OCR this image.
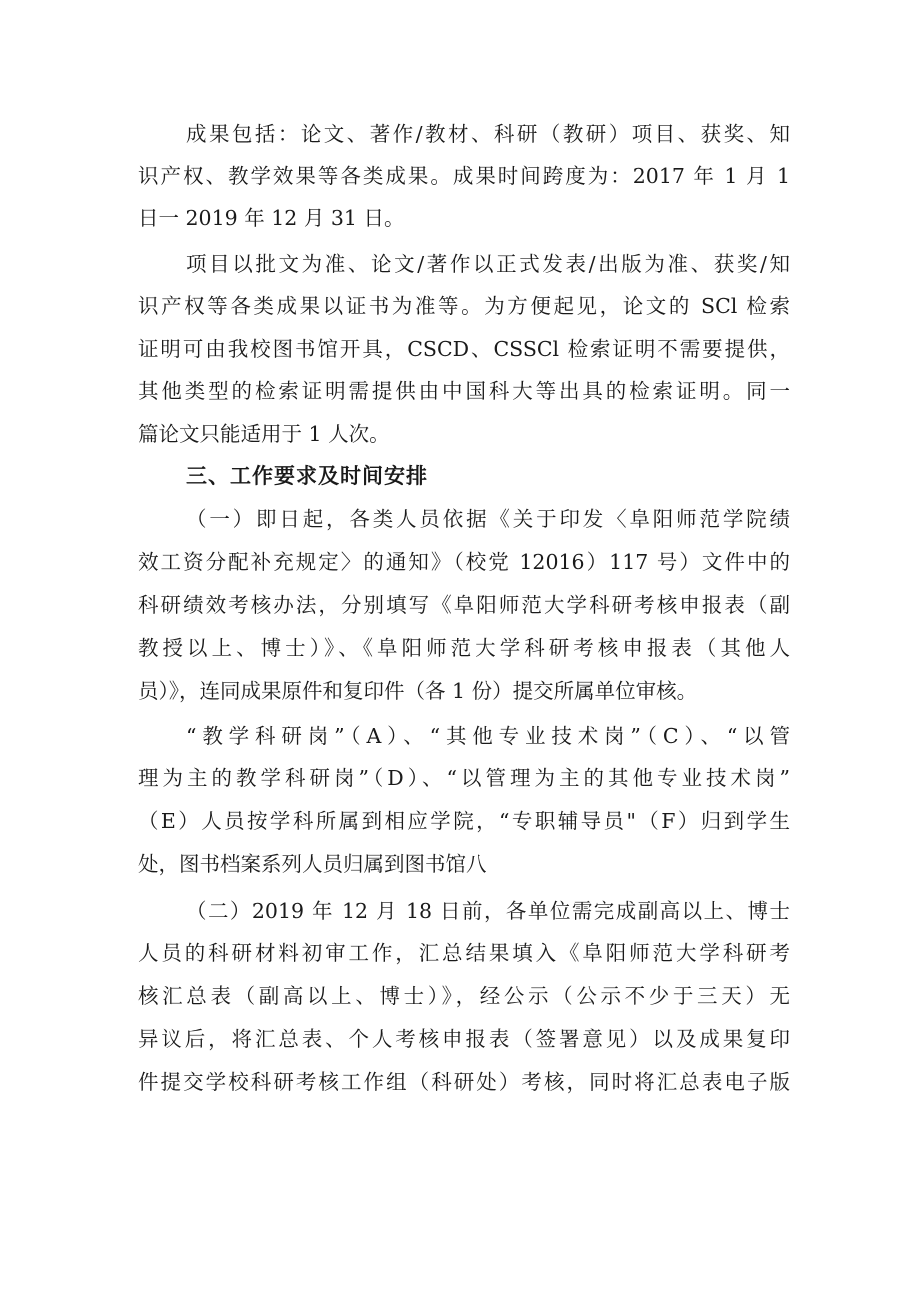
成果包括：论文、著作/教材、科研（教研）项目、获奖、知
识产权、教学效果等各类成果。成果时间跨度为：2017 年 1 月 1
日一 2019 年 12 月 31 日。
项目以批文为准、论文/著作以正式发表/出版为准、获奖/知
识产权等各类成果以证书为准等。为方便起见，论文的 SCl 检索
证明可由我校图书馆开具，CSCD、CSSCl 检索证明不需要提供，
其他类型的检索证明需提供由中国科大等出具的检索证明。同一
篇论文只能适用于 1 人次。
三、工作要求及时间安排
（一）即日起，各类人员依据《关于印发〈阜阳师范学院绩
效工资分配补充规定〉的通知》（校党 12016）117 号）文件中的
科研绩效考核办法，分别填写《阜阳师范大学科研考核申报表（副
教授以上、博士）》、《阜阳师范大学科研考核申报表（其他人
员）》，连同成果原件和复印件（各 1 份）提交所属单位审核。
“教学科研岗”（A）、“其他专业技术岗”（C）、“以管
理为主的教学科研岗”（D）、“以管理为主的其他专业技术岗”
（E）人员按学科所属到相应学院，“专职辅导员"（F）归到学生
处，图书档案系列人员归属到图书馆八
（二）2019 年 12 月 18 日前，各单位需完成副高以上、博士
人员的科研材料初审工作，汇总结果填入《阜阳师范大学科研考
核汇总表（副高以上、博士）》，经公示（公示不少于三天）无
异议后，将汇总表、个人考核申报表（签署意见）以及成果复印
件提交学校科研考核工作组（科研处）考核，同时将汇总表电子版
